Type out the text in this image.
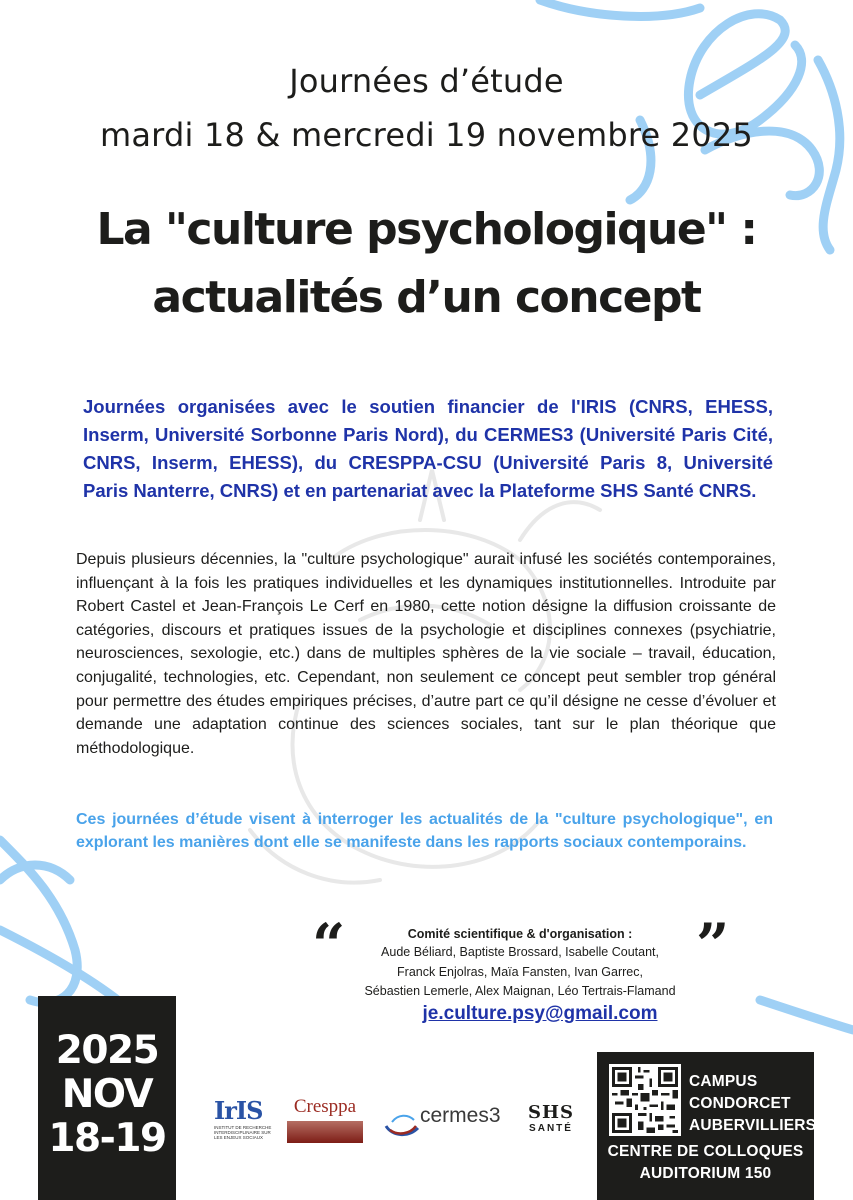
Journées d’étude
mardi 18 & mercredi 19 novembre 2025
La "culture psychologique" :
actualités d’un concept
Journées organisées avec le soutien financier de l'IRIS (CNRS, EHESS, Inserm, Université Sorbonne Paris Nord), du CERMES3 (Université Paris Cité, CNRS, Inserm, EHESS), du CRESPPA-CSU (Université Paris 8, Université Paris Nanterre, CNRS) et en partenariat avec la Plateforme SHS Santé CNRS.
Depuis plusieurs décennies, la "culture psychologique" aurait infusé les sociétés contemporaines, influençant à la fois les pratiques individuelles et les dynamiques institutionnelles. Introduite par Robert Castel et Jean-François Le Cerf en 1980, cette notion désigne la diffusion croissante de catégories, discours et pratiques issues de la psychologie et disciplines connexes (psychiatrie, neurosciences, sexologie, etc.) dans de multiples sphères de la vie sociale – travail, éducation, conjugalité, technologies, etc. Cependant, non seulement ce concept peut sembler trop général pour permettre des études empiriques précises, d’autre part ce qu’il désigne ne cesse d’évoluer et demande une adaptation continue des sciences sociales, tant sur le plan théorique que méthodologique.
Ces journées d’étude visent à interroger les actualités de la "culture psychologique", en explorant les manières dont elle se manifeste dans les rapports sociaux contemporains.
“	”
Comité scientifique & d'organisation :
Aude Béliard, Baptiste Brossard, Isabelle Coutant,
Franck Enjolras, Maïa Fansten, Ivan Garrec,
Sébastien Lemerle, Alex Maignan, Léo Tertrais-Flamand
je.culture.psy@gmail.com
2025
NOV
18-19
IrIS
INSTITUT DE RECHERCHE INTERDISCIPLINAIRE SUR LES ENJEUX SOCIAUX
Cresppa	cermes3	SHS
SANTÉ
CAMPUS
CONDORCET
AUBERVILLIERS
CENTRE DE COLLOQUES
AUDITORIUM 150
